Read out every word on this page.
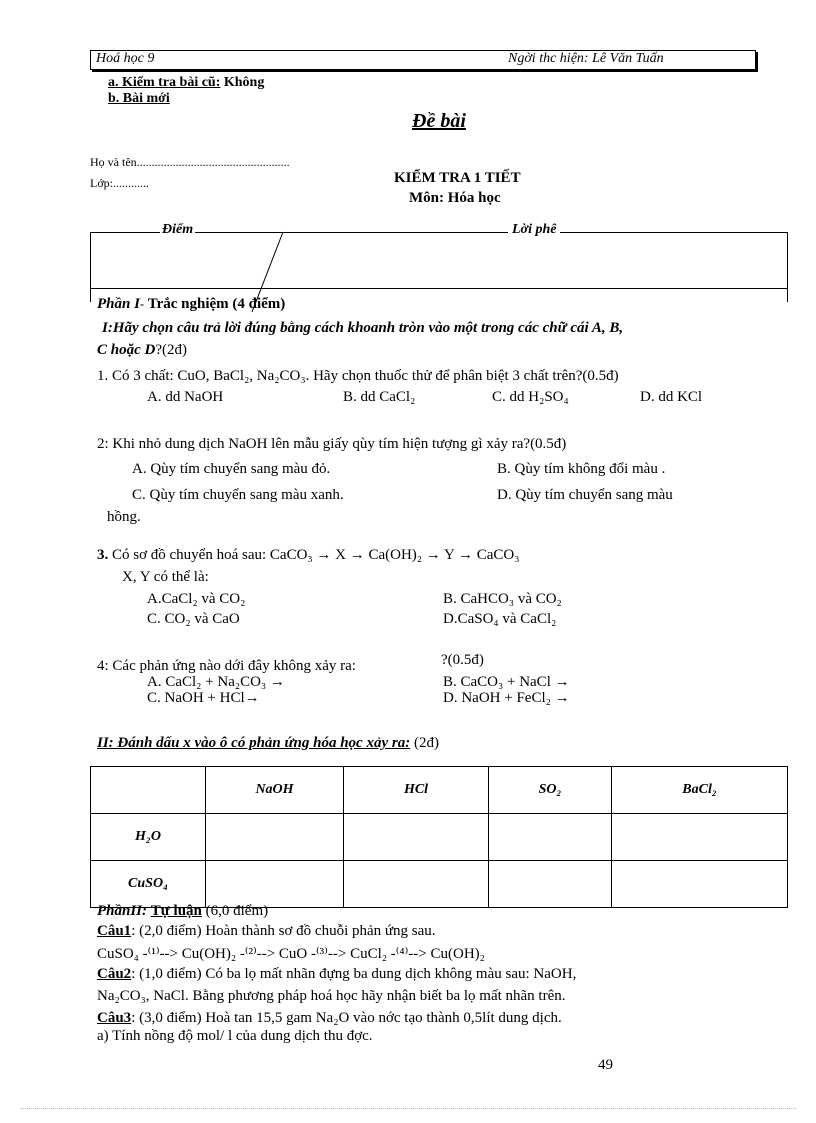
Hoá học 9	Ngời thc hiện: Lê Văn Tuấn
a. Kiểm tra bài cũ: Không
b. Bài mới
Đề bài
Họ và tên...................................................
Lớp:............	KIỂM TRA 1 TIẾT
Môn: Hóa học
Điểm	Lời phê
Phần I- Trắc nghiệm (4 điểm)
I:Hãy chọn câu trả lời đúng bằng cách khoanh tròn vào một trong các chữ cái A, B,
C hoặc D?(2đ)
1. Có 3 chất: CuO, BaCl₂, Na₂CO₃. Hãy chọn thuốc thử để phân biệt 3 chất trên?(0.5đ)
A. dd NaOH	B. dd CaCl₂	C. dd H₂SO₄	D. dd KCl
2: Khi nhỏ dung dịch NaOH lên mẫu giấy qùy tím hiện tượng gì xảy ra?(0.5đ)
A. Qùy tím chuyển sang màu đỏ.	B. Qùy tím không đổi màu .
C. Qùy tím chuyển sang màu xanh.	D. Qùy tím chuyển sang màu
hồng.
3. Có sơ đồ chuyển hoá sau: CaCO₃ → X → Ca(OH)₂ → Y → CaCO₃
X, Y có thể là:
A.CaCl₂ và CO₂	B. CaHCO₃ và CO₂
C. CO₂ và CaO	D.CaSO₄ và CaCl₂
4: Các phản ứng nào dới đây không xảy ra:	?(0.5đ)
A. CaCl₂ + Na₂CO₃ →	B. CaCO₃ + NaCl →
C. NaOH + HCl→	D. NaOH + FeCl₂ →
II: Đánh dấu x vào ô có phản ứng hóa học xảy ra: (2đ)
	NaOH	HCl	SO₂	BaCl₂
H₂O				
CuSO₄				
PhầnII: Tự luận (6,0 điểm)
Câu1: (2,0 điểm) Hoàn thành sơ đồ chuỗi phản ứng sau.
CuSO₄ -⁽¹⁾--> Cu(OH)₂ -⁽²⁾--> CuO -⁽³⁾--> CuCl₂ -⁽⁴⁾--> Cu(OH)₂
Câu2: (1,0 điểm) Có ba lọ mất nhãn đựng ba dung dịch không màu sau: NaOH,
Na₂CO₃, NaCl. Bằng phương pháp hoá học hãy nhận biết ba lọ mất nhãn trên.
Câu3: (3,0 điểm) Hoà tan 15,5 gam Na₂O vào nớc tạo thành 0,5lít dung dịch.
a) Tính nồng độ mol/ l của dung dịch thu đợc.
49
